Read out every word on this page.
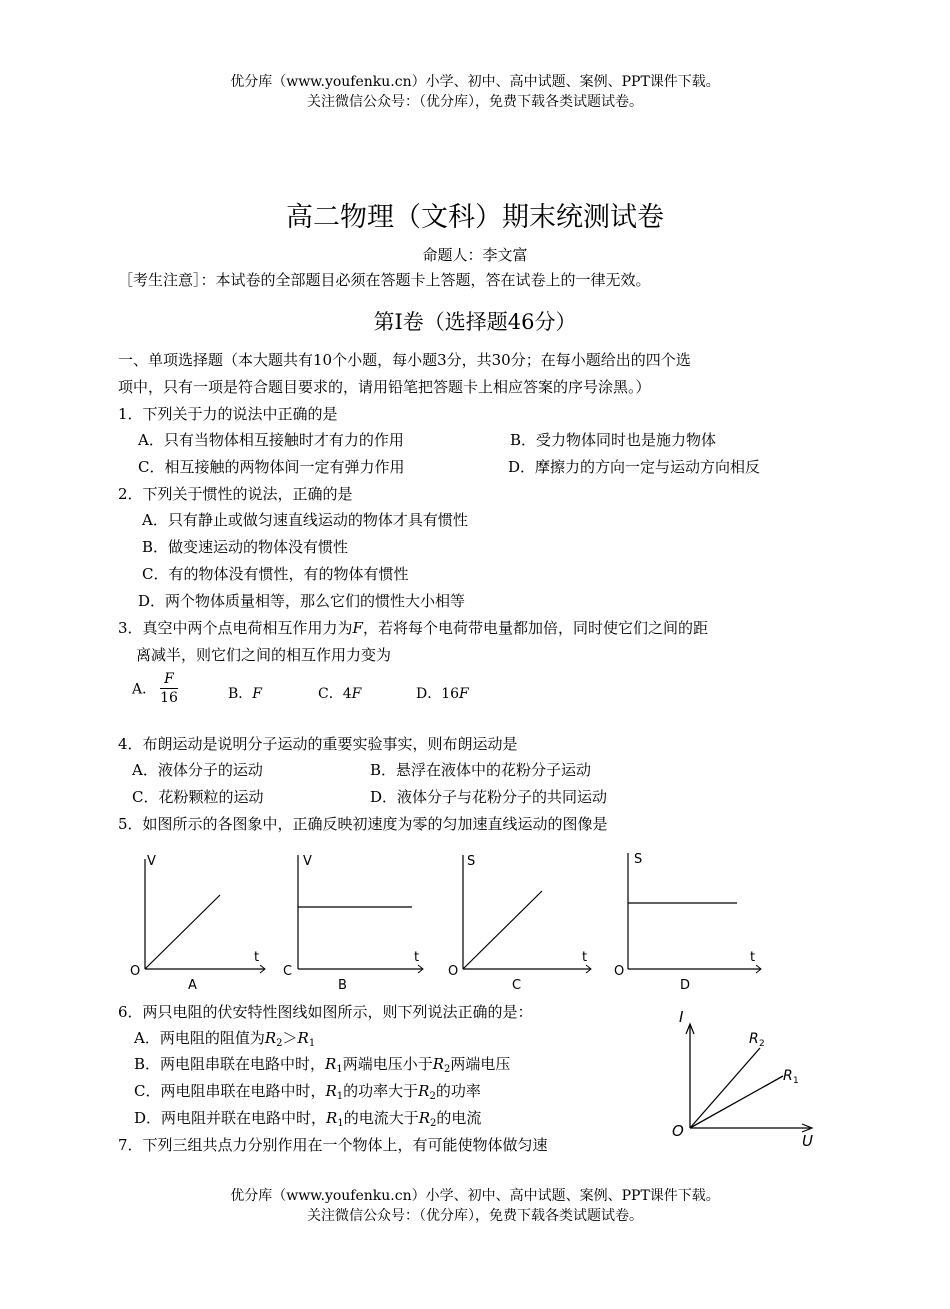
优分库（www.youfenku.cn）小学、初中、高中试题、案例、PPT课件下载。
关注微信公众号：（优分库），免费下载各类试题试卷。
高二物理（文科）期末统测试卷
命题人：李文富
［考生注意］：本试卷的全部题目必须在答题卡上答题，答在试卷上的一律无效。
第Ⅰ卷（选择题46分）
一、单项选择题（本大题共有10个小题，每小题3分，共30分；在每小题给出的四个选
项中，只有一项是符合题目要求的，请用铅笔把答题卡上相应答案的序号涂黑。）
1．下列关于力的说法中正确的是
A．只有当物体相互接触时才有力的作用	B．受力物体同时也是施力物体
C．相互接触的两物体间一定有弹力作用	D．摩擦力的方向一定与运动方向相反
2．下列关于惯性的说法，正确的是
A．只有静止或做匀速直线运动的物体才具有惯性
B．做变速运动的物体没有惯性
C．有的物体没有惯性，有的物体有惯性
D．两个物体质量相等，那么它们的惯性大小相等
3．真空中两个点电荷相互作用力为F，若将每个电荷带电量都加倍，同时使它们之间的距
离减半，则它们之间的相互作用力变为
A． $\frac{F}{16}$	B．F	C．4F	D．16F
4．布朗运动是说明分子运动的重要实验事实，则布朗运动是
A．液体分子的运动	B．悬浮在液体中的花粉分子运动
C．花粉颗粒的运动	D．液体分子与花粉分子的共同运动
5．如图所示的各图象中，正确反映初速度为零的匀加速直线运动的图像是
V
t
O
A
V
t
C
B
S
t
O
C
S
t
O
D
6．两只电阻的伏安特性图线如图所示，则下列说法正确的是：
A．两电阻的阻值为$R_2>R_1$
B．两电阻串联在电路中时，$R_1$两端电压小于$R_2$两端电压
C．两电阻串联在电路中时，$R_1$的功率大于$R_2$的功率
D．两电阻并联在电路中时，$R_1$的电流大于$R_2$的电流
I
U
O
R 2
R 1
7．下列三组共点力分别作用在一个物体上，有可能使物体做匀速
优分库（www.youfenku.cn）小学、初中、高中试题、案例、PPT课件下载。
关注微信公众号：（优分库），免费下载各类试题试卷。
